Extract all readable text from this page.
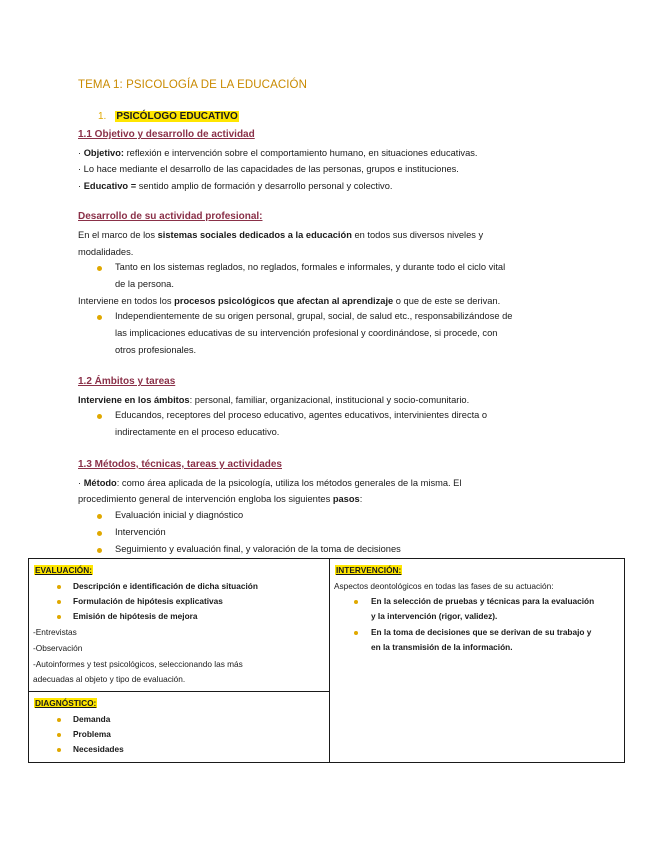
TEMA 1: PSICOLOGÍA DE LA EDUCACIÓN
1. PSICÓLOGO EDUCATIVO
1.1 Objetivo y desarrollo de actividad
· Objetivo: reflexión e intervención sobre el comportamiento humano, en situaciones educativas.
· Lo hace mediante el desarrollo de las capacidades de las personas, grupos e instituciones.
· Educativo = sentido amplio de formación y desarrollo personal y colectivo.
Desarrollo de su actividad profesional:
En el marco de los sistemas sociales dedicados a la educación en todos sus diversos niveles y
modalidades.
Tanto en los sistemas reglados, no reglados, formales e informales, y durante todo el ciclo vital
de la persona.
Interviene en todos los procesos psicológicos que afectan al aprendizaje o que de este se derivan.
Independientemente de su origen personal, grupal, social, de salud etc., responsabilizándose de
las implicaciones educativas de su intervención profesional y coordinándose, si procede, con
otros profesionales.
1.2 Ámbitos y tareas
Interviene en los ámbitos: personal, familiar, organizacional, institucional y socio-comunitario.
Educandos, receptores del proceso educativo, agentes educativos, intervinientes directa o
indirectamente en el proceso educativo.
1.3 Métodos, técnicas, tareas y actividades
· Método: como área aplicada de la psicología, utiliza los métodos generales de la misma. El
procedimiento general de intervención engloba los siguientes pasos:
Evaluación inicial y diagnóstico
Intervención
Seguimiento y evaluación final, y valoración de la toma de decisiones
EVALUACIÓN:
Descripción e identificación de dicha situación
Formulación de hipótesis explicativas
Emisión de hipótesis de mejora
-Entrevistas
-Observación
-Autoinformes y test psicológicos, seleccionando las más
adecuadas al objeto y tipo de evaluación.
DIAGNÓSTICO:
Demanda
Problema
Necesidades
INTERVENCIÓN:
Aspectos deontológicos en todas las fases de su actuación:
En la selección de pruebas y técnicas para la evaluación
y la intervención (rigor, validez).
En la toma de decisiones que se derivan de su trabajo y
en la transmisión de la información.
